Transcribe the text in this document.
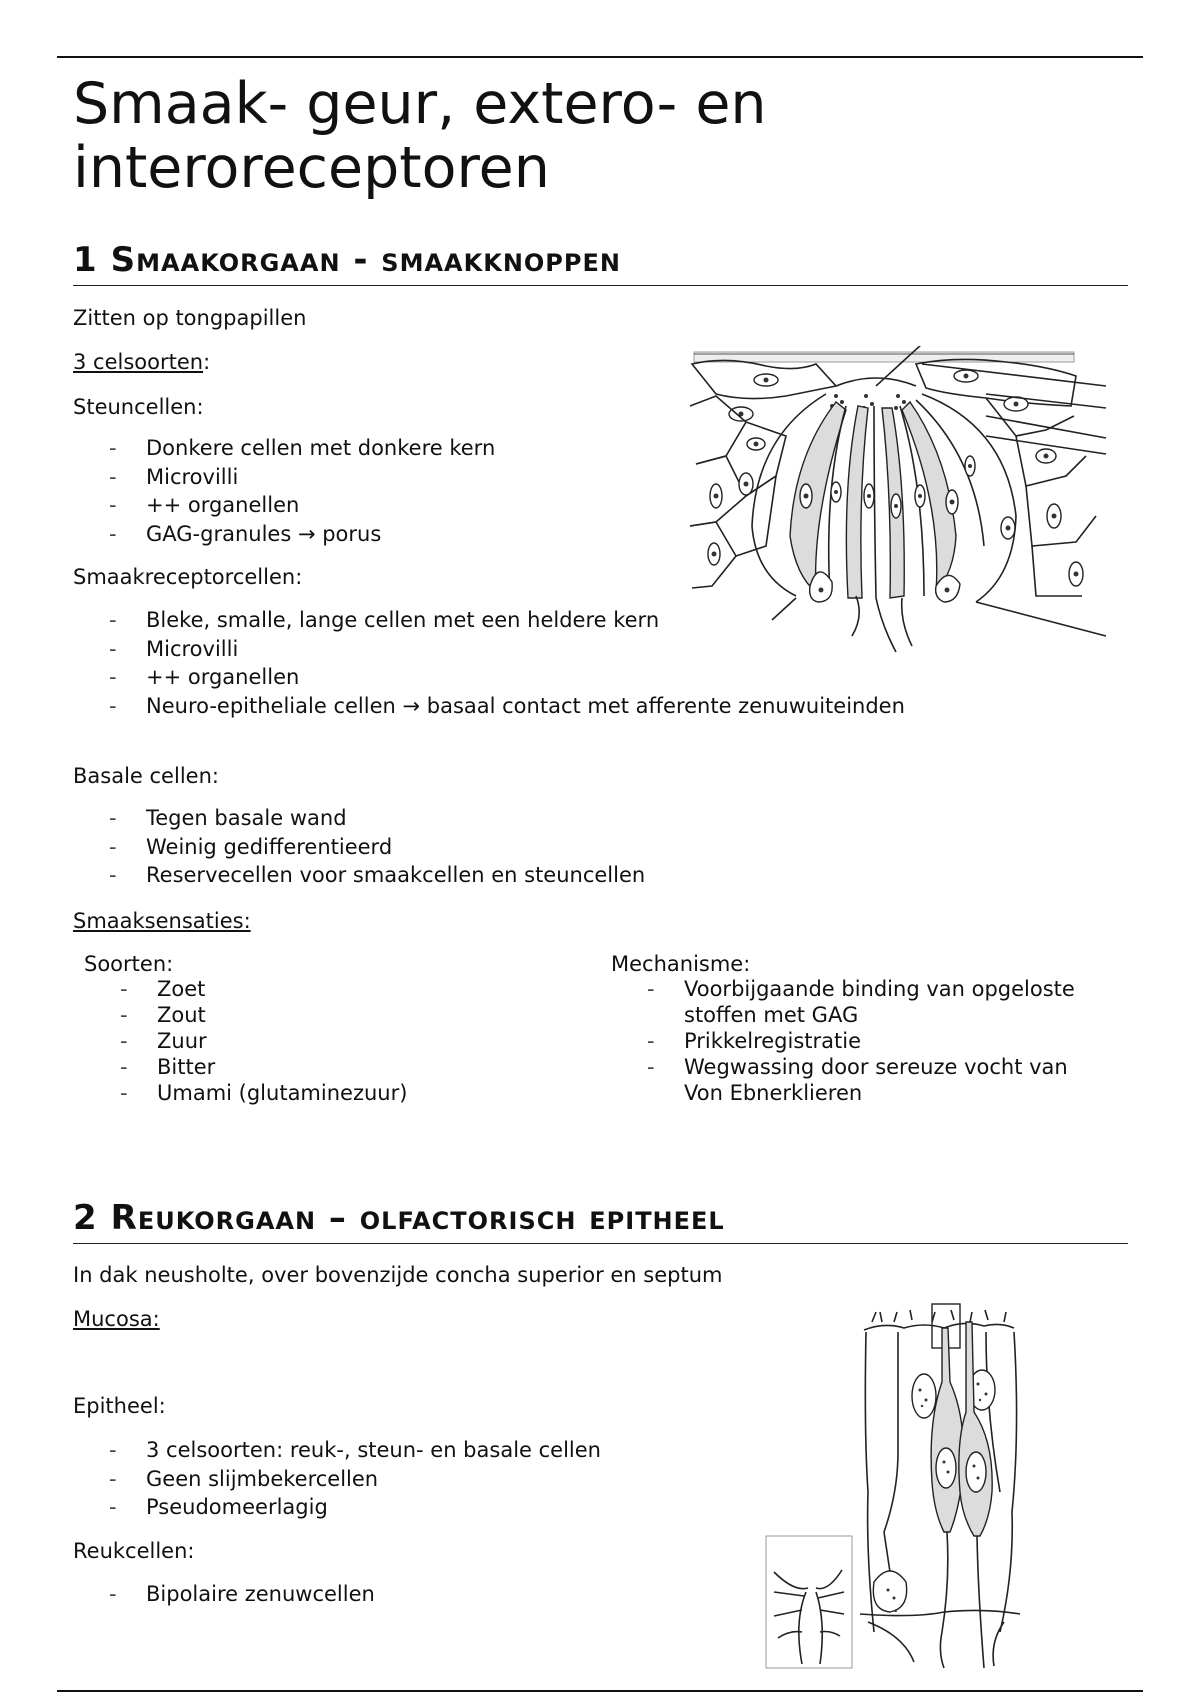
Smaak- geur, extero- en interoreceptoren
1 Smaakorgaan - smaakknoppen

Zitten op tongpapillen

3 celsoorten:

Steuncellen:

- Donkere cellen met donkere kern
- Microvilli
- ++ organellen
- GAG-granules → porus

Smaakreceptorcellen:

- Bleke, smalle, lange cellen met een heldere kern
- Microvilli
- ++ organellen
- Neuro-epitheliale cellen → basaal contact met afferente zenuwuiteinden

Basale cellen:

- Tegen basale wand
- Weinig gedifferentieerd
- Reservecellen voor smaakcellen en steuncellen

Smaaksensaties:

Soorten:

- Zoet
- Zout
- Zuur
- Bitter
- Umami (glutaminezuur)

Mechanisme:

- Voorbijgaande binding van opgeloste stoffen met GAG
- Prikkelregistratie
- Wegwassing door sereuze vocht van Von Ebnerklieren
2 Reukorgaan – olfactorisch epitheel

In dak neusholte, over bovenzijde concha superior en septum

Mucosa:

Epitheel:

- 3 celsoorten: reuk-, steun- en basale cellen
- Geen slijmbekercellen
- Pseudomeerlagig

Reukcellen:

- Bipolaire zenuwcellen
